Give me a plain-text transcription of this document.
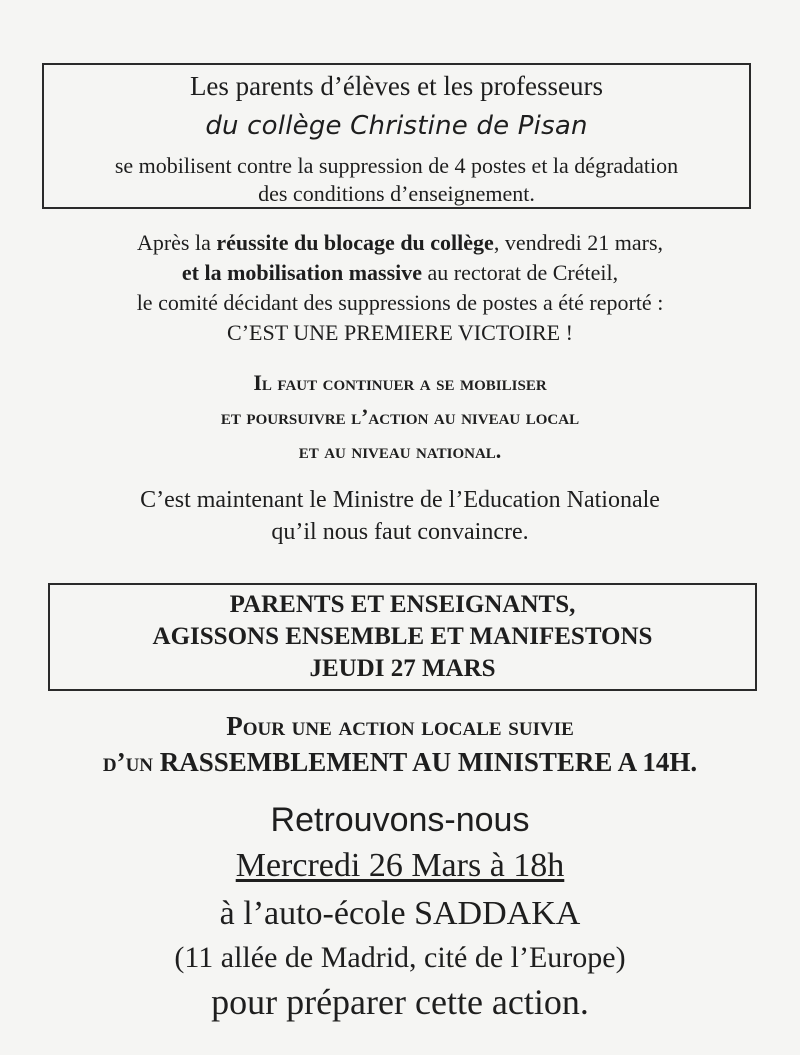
Les parents d’élèves et les professeurs
du collège Christine de Pisan
se mobilisent contre la suppression de 4 postes et la dégradation
des conditions d’enseignement.
Après la réussite du blocage du collège, vendredi 21 mars,
et la mobilisation massive au rectorat de Créteil,
le comité décidant des suppressions de postes a été reporté :
C’EST UNE PREMIERE VICTOIRE !
Il faut continuer a se mobiliser
et poursuivre l’action au niveau local
et au niveau national.
C’est maintenant le Ministre de l’Education Nationale
qu’il nous faut convaincre.
PARENTS ET ENSEIGNANTS,
AGISSONS ENSEMBLE ET MANIFESTONS
JEUDI 27 MARS
Pour une action locale suivie
d’un RASSEMBLEMENT AU MINISTERE A 14H.
Retrouvons-nous
Mercredi 26 Mars à 18h
à l’auto-école SADDAKA
(11 allée de Madrid, cité de l’Europe)
pour préparer cette action.
